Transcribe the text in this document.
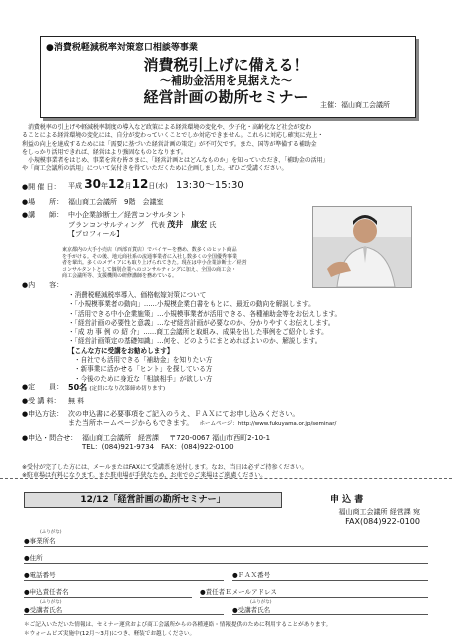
●消費税軽減税率対策窓口相談等事業
消費税引上げに備える！
～補助金活用を見据えた～
経営計画の勘所セミナー	主催：福山商工会議所
消費税率の引上げや軽減税率制度の導入など政策による経営環境の変化や、少子化・高齢化など社会が変わ
ることによる経営環境の変化には、自分が変わっていくことでしか対応できません。これらに対応し確実に売上・
利益の向上を達成するためには「需要に基づいた経営計画の策定」が不可欠です。また、国等が準備する補助金
をしっかり活用できれば、経営はより強固なものとなります。
小規模事業者をはじめ、事業を営む皆さまに、「経営計画とはどんなものか」を知っていただき、「補助金の活用」
や「商工会議所の活用」について気付きを得ていただくために企画しました。ぜひご受講ください。
●開 催 日：	平成 30年12月12日(水) 13:30～15:30
●場　　所： 福山商工会議所　9階　会議室
●講　　師： 中小企業診断士／経営コンサルタント
ブランコンサルティング　代表 茂井　康宏 氏
【プロフィール】
東京都内の大手小売店（西部百貨店）でバイヤーを務め、数多くのヒット商品
を手がける。その後、地元商社系の流通事業者に入社し数多くの全国優秀事業
者を輩出。多くのメディアにも取り上げられてきた。現在は中小企業診断士／経営
コンサルタントとして個別企業へのコンサルティングに加え、全国の商工会・
商工会議所等、支援機関の研修講師を務めている。
●内　　容：
・消費税軽減税率導入、価格転嫁対策について
・「小規模事業者の動向」……小規模企業白書をもとに、最近の動向を解説します。
・「活用できる中小企業施策」…小規模事業者が活用できる、各種補助金等をお伝えします。
・「経営計画の必要性と意義」…なぜ経営計画が必要なのか、分かりやすくお伝えします。
・「成 功 事 例 の 紹 介」……商工会議所と取組み、成果を出した事例をご紹介します。
・「経営計画策定の基礎知識」…何を、どのようにまとめればよいのか、解説します。
【こんな方に受講をお勧めします】
・自社でも活用できる「補助金」を知りたい方
・新事業に活かせる「ヒント」を探している方
・今後のために身近な「相談相手」が欲しい方
●定　　員： 50名 (定員になり次第締め切ります)
●受 講 料：	無 料
●申込方法： 次の申込書に必要事項をご記入のうえ、ＦＡＸにてお申し込みください。
また当所ホームページからもできます。 ホームページ：http://www.fukuyama.or.jp/seminar/
●申込・問合せ： 福山商工会議所　経営課 〒720-0067 福山市西町2-10-1
TEL：(084)921-9734　FAX：(084)922-0100
※受付が完了した方には、メールまたはFAXにて受講票を送付します。なお、当日は必ずご持参ください。
※駐車場は有料になります。また駐車場が手狭なため、お車でのご来場はご遠慮ください。
12/12「経営計画の勘所セミナー」	申 込 書
福山商工会議所 経営課 宛
FAX(084)922-0100
(ふりがな)
●事業所名
●住所
●電話番号	●ＦＡＸ番号
●申込責任者名	●責任者Ｅメールアドレス
(ふりがな)	(ふりがな)
●受講者氏名	●受講者氏名
＊ご記入いただいた情報は、セミナー運営および商工会議所からの各種連絡・情報提供のために利用することがあります。
＊ウォームビズ実施中(12月～3月)につき、軽装でお越しください。
